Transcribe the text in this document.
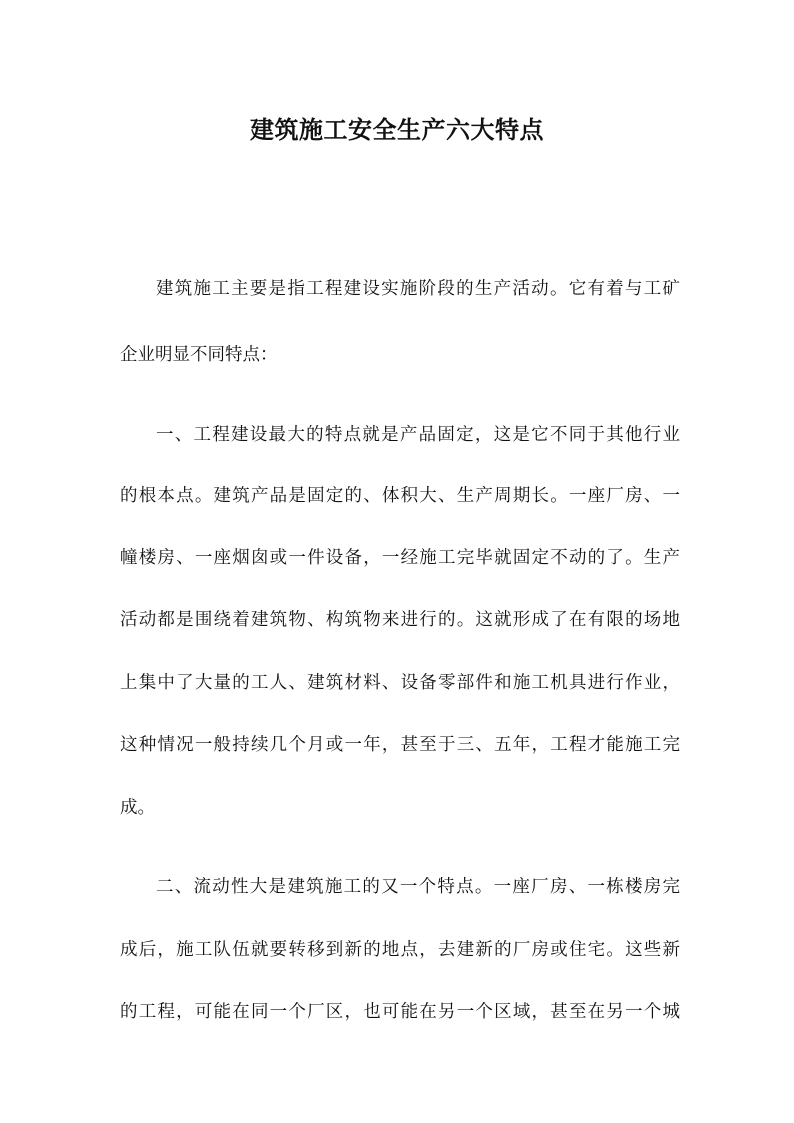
建筑施工安全生产六大特点
建筑施工主要是指工程建设实施阶段的生产活动。它有着与工矿
企业明显不同特点：
一、工程建设最大的特点就是产品固定，这是它不同于其他行业
的根本点。建筑产品是固定的、体积大、生产周期长。一座厂房、一
幢楼房、一座烟囱或一件设备，一经施工完毕就固定不动的了。生产
活动都是围绕着建筑物、构筑物来进行的。这就形成了在有限的场地
上集中了大量的工人、建筑材料、设备零部件和施工机具进行作业，
这种情况一般持续几个月或一年，甚至于三、五年，工程才能施工完
成。
二、流动性大是建筑施工的又一个特点。一座厂房、一栋楼房完
成后，施工队伍就要转移到新的地点，去建新的厂房或住宅。这些新
的工程，可能在同一个厂区，也可能在另一个区域，甚至在另一个城
